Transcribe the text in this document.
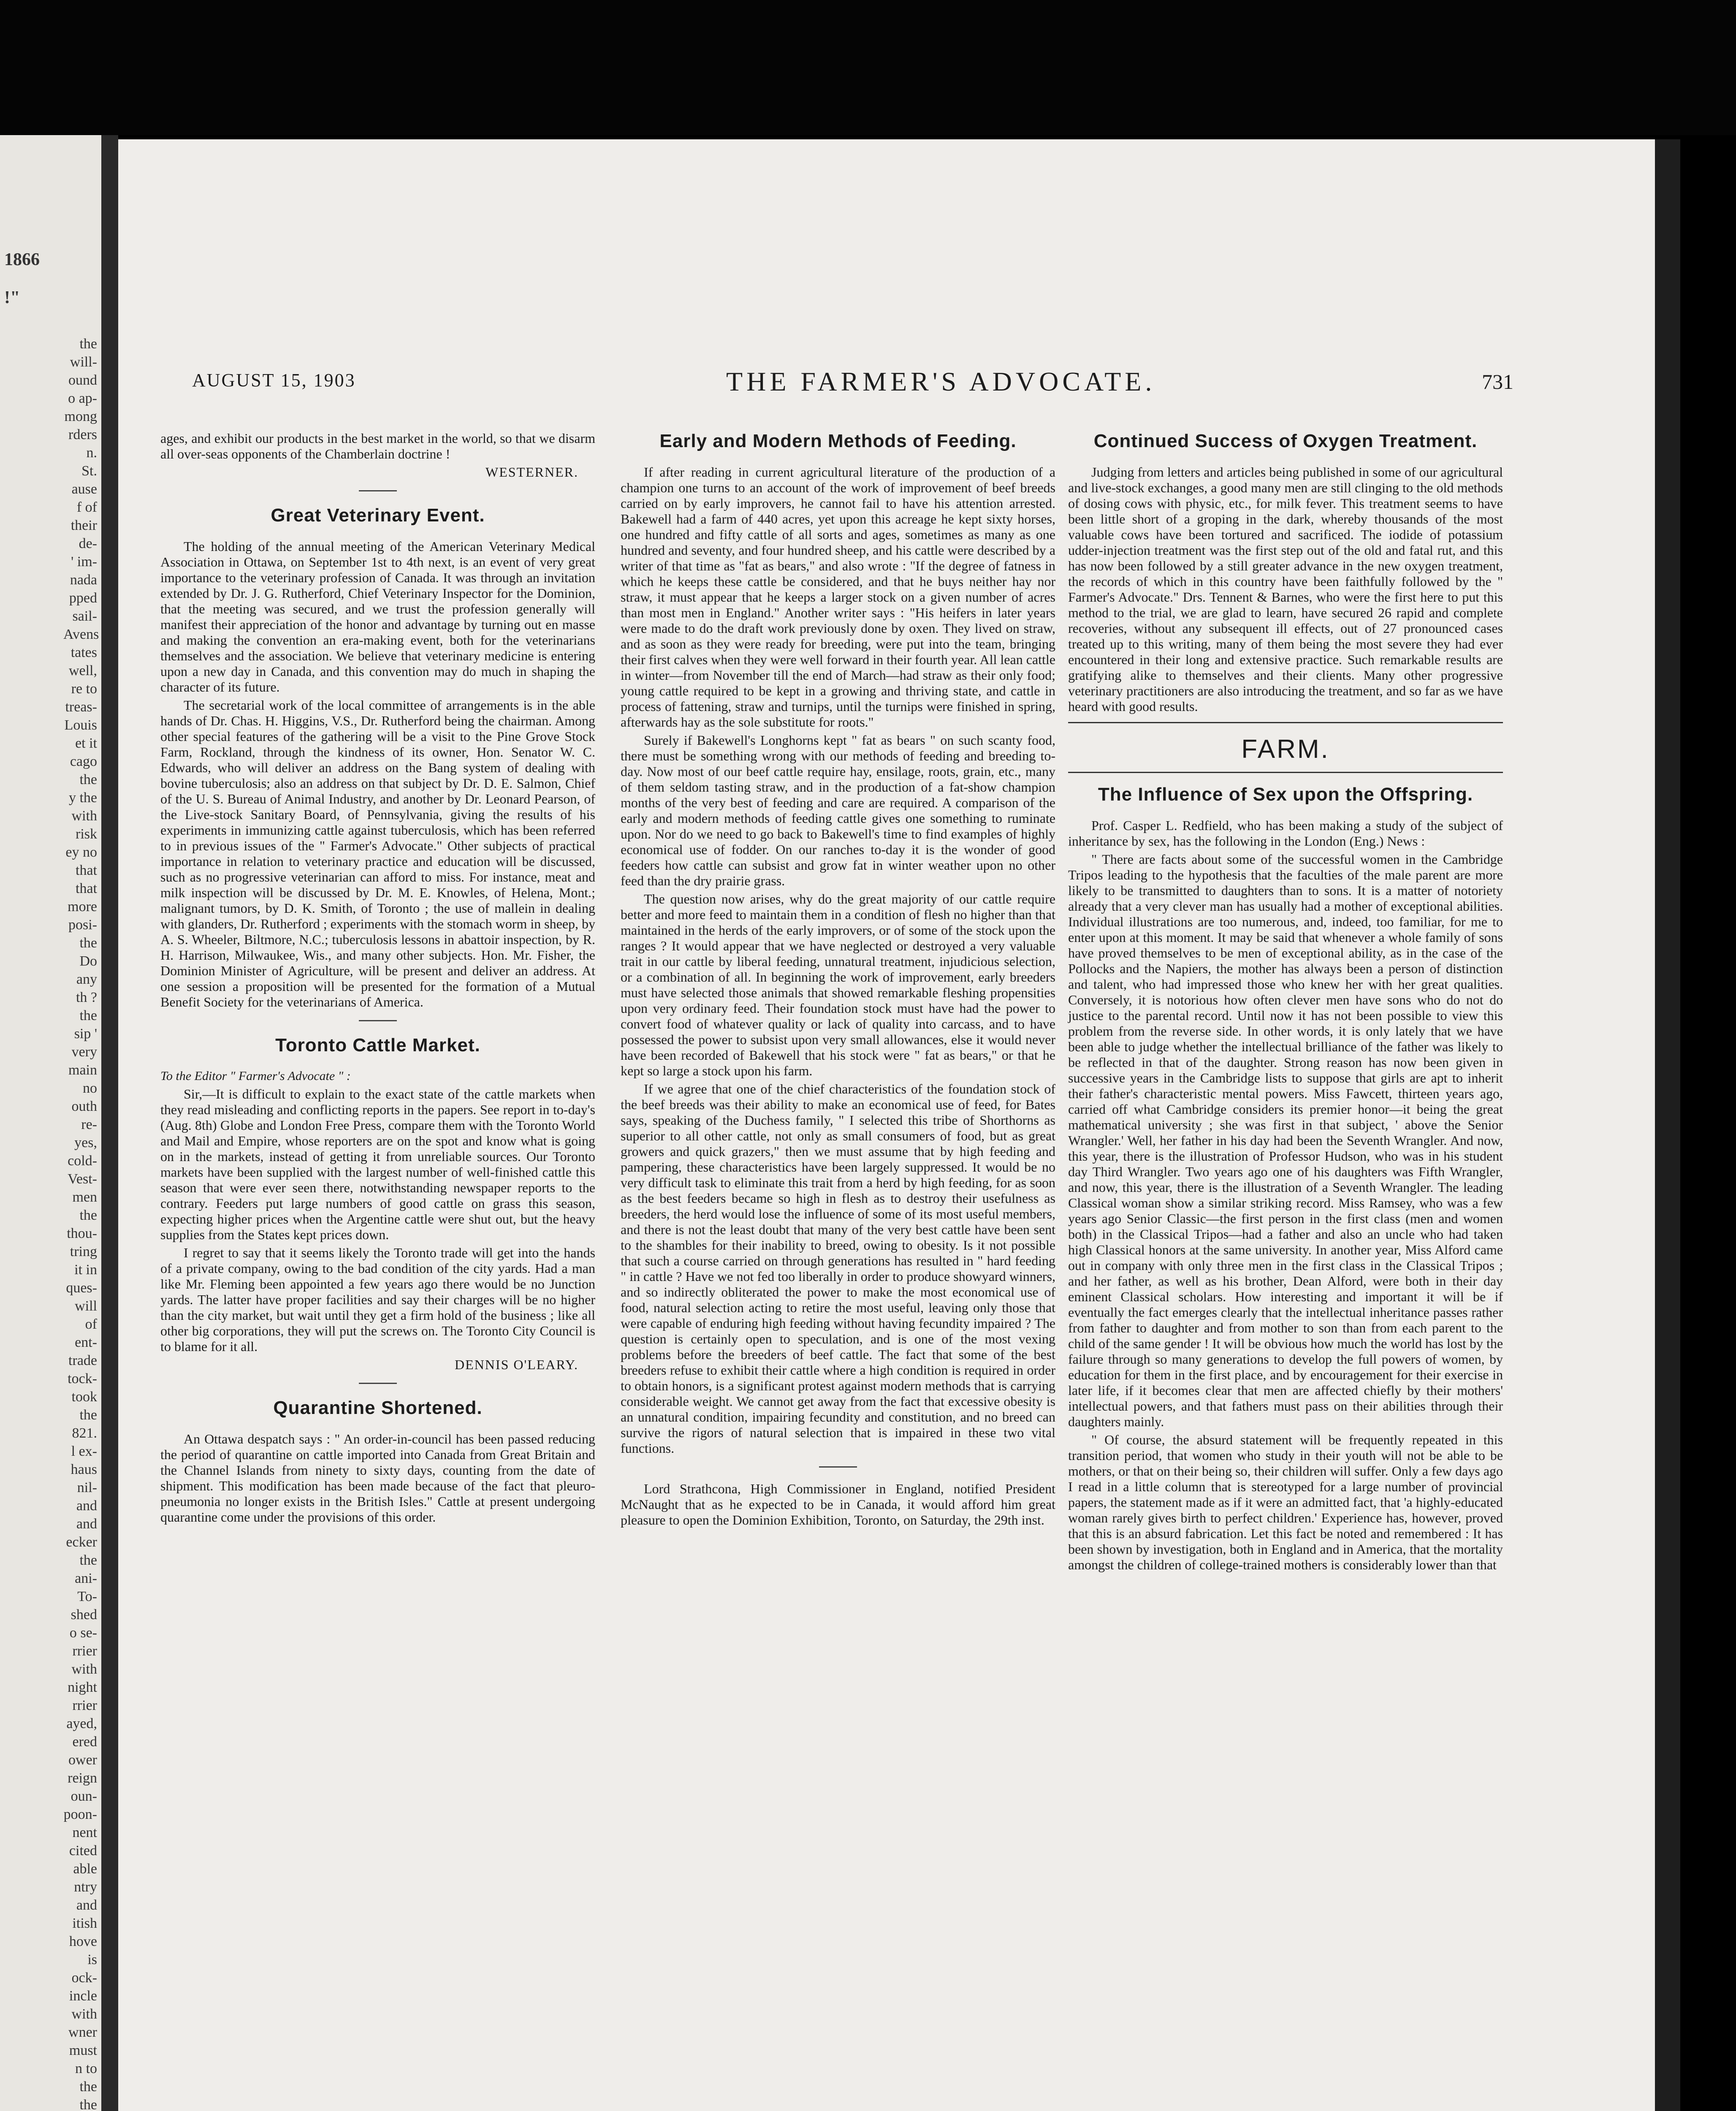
1866
!"
the
will-
ound
o ap-
mong
rders
n.
St.
ause
f of
their
de-
' im-
nada
pped
sail-
Avens
tates
well,
re to
treas-
Louis
et it
cago
the
y the
with
risk
ey no
that
that
more
posi-
the
Do
any
th ?
the
sip '
very
main
no
outh
re-
yes,
cold-
Vest-
men
the
thou-
tring
it in
ques-
will
of
ent-
trade
tock-
took
the
821.
l ex-
haus
nil-
and
and
ecker
the
ani-
To-
shed
o se-
rrier
with
night
rrier
ayed,
ered
ower
reign
oun-
poon-
nent
cited
able
ntry
and
itish
hove
is
ock-
incle
with
wner
must
n to
the
the
AUGUST 15, 1903	THE FARMER'S ADVOCATE.	731

ages, and exhibit our products in the best market in the world, so that we disarm all over-seas opponents of the Chamberlain doctrine !

WESTERNER.

Great Veterinary Event.

The holding of the annual meeting of the American Veterinary Medical Association in Ottawa, on September 1st to 4th next, is an event of very great importance to the veterinary profession of Canada. It was through an invitation extended by Dr. J. G. Rutherford, Chief Veterinary Inspector for the Dominion, that the meeting was secured, and we trust the profession generally will manifest their appreciation of the honor and advantage by turning out en masse and making the convention an era-making event, both for the veterinarians themselves and the association. We believe that veterinary medicine is entering upon a new day in Canada, and this convention may do much in shaping the character of its future.

The secretarial work of the local committee of arrangements is in the able hands of Dr. Chas. H. Higgins, V.S., Dr. Rutherford being the chairman. Among other special features of the gathering will be a visit to the Pine Grove Stock Farm, Rockland, through the kindness of its owner, Hon. Senator W. C. Edwards, who will deliver an address on the Bang system of dealing with bovine tuberculosis; also an address on that subject by Dr. D. E. Salmon, Chief of the U. S. Bureau of Animal Industry, and another by Dr. Leonard Pearson, of the Live-stock Sanitary Board, of Pennsylvania, giving the results of his experiments in immunizing cattle against tuberculosis, which has been referred to in previous issues of the " Farmer's Advocate." Other subjects of practical importance in relation to veterinary practice and education will be discussed, such as no progressive veterinarian can afford to miss. For instance, meat and milk inspection will be discussed by Dr. M. E. Knowles, of Helena, Mont.; malignant tumors, by D. K. Smith, of Toronto ; the use of mallein in dealing with glanders, Dr. Rutherford ; experiments with the stomach worm in sheep, by A. S. Wheeler, Biltmore, N.C.; tuberculosis lessons in abattoir inspection, by R. H. Harrison, Milwaukee, Wis., and many other subjects. Hon. Mr. Fisher, the Dominion Minister of Agriculture, will be present and deliver an address. At one session a proposition will be presented for the formation of a Mutual Benefit Society for the veterinarians of America.

Toronto Cattle Market.

To the Editor " Farmer's Advocate " :

Sir,—It is difficult to explain to the exact state of the cattle markets when they read misleading and conflicting reports in the papers. See report in to-day's (Aug. 8th) Globe and London Free Press, compare them with the Toronto World and Mail and Empire, whose reporters are on the spot and know what is going on in the markets, instead of getting it from unreliable sources. Our Toronto markets have been supplied with the largest number of well-finished cattle this season that were ever seen there, notwithstanding newspaper reports to the contrary. Feeders put large numbers of good cattle on grass this season, expecting higher prices when the Argentine cattle were shut out, but the heavy supplies from the States kept prices down.

I regret to say that it seems likely the Toronto trade will get into the hands of a private company, owing to the bad condition of the city yards. Had a man like Mr. Fleming been appointed a few years ago there would be no Junction yards. The latter have proper facilities and say their charges will be no higher than the city market, but wait until they get a firm hold of the business ; like all other big corporations, they will put the screws on. The Toronto City Council is to blame for it all.

DENNIS O'LEARY.

Quarantine Shortened.

An Ottawa despatch says : " An order-in-council has been passed reducing the period of quarantine on cattle imported into Canada from Great Britain and the Channel Islands from ninety to sixty days, counting from the date of shipment. This modification has been made because of the fact that pleuro-pneumonia no longer exists in the British Isles." Cattle at present undergoing quarantine come under the provisions of this order.

Early and Modern Methods of Feeding.

If after reading in current agricultural literature of the production of a champion one turns to an account of the work of improvement of beef breeds carried on by early improvers, he cannot fail to have his attention arrested. Bakewell had a farm of 440 acres, yet upon this acreage he kept sixty horses, one hundred and fifty cattle of all sorts and ages, sometimes as many as one hundred and seventy, and four hundred sheep, and his cattle were described by a writer of that time as "fat as bears," and also wrote : "If the degree of fatness in which he keeps these cattle be considered, and that he buys neither hay nor straw, it must appear that he keeps a larger stock on a given number of acres than most men in England." Another writer says : "His heifers in later years were made to do the draft work previously done by oxen. They lived on straw, and as soon as they were ready for breeding, were put into the team, bringing their first calves when they were well forward in their fourth year. All lean cattle in winter—from November till the end of March—had straw as their only food; young cattle required to be kept in a growing and thriving state, and cattle in process of fattening, straw and turnips, until the turnips were finished in spring, afterwards hay as the sole substitute for roots."

Surely if Bakewell's Longhorns kept " fat as bears " on such scanty food, there must be something wrong with our methods of feeding and breeding to-day. Now most of our beef cattle require hay, ensilage, roots, grain, etc., many of them seldom tasting straw, and in the production of a fat-show champion months of the very best of feeding and care are required. A comparison of the early and modern methods of feeding cattle gives one something to ruminate upon. Nor do we need to go back to Bakewell's time to find examples of highly economical use of fodder. On our ranches to-day it is the wonder of good feeders how cattle can subsist and grow fat in winter weather upon no other feed than the dry prairie grass.

The question now arises, why do the great majority of our cattle require better and more feed to maintain them in a condition of flesh no higher than that maintained in the herds of the early improvers, or of some of the stock upon the ranges ? It would appear that we have neglected or destroyed a very valuable trait in our cattle by liberal feeding, unnatural treatment, injudicious selection, or a combination of all. In beginning the work of improvement, early breeders must have selected those animals that showed remarkable fleshing propensities upon very ordinary feed. Their foundation stock must have had the power to convert food of whatever quality or lack of quality into carcass, and to have possessed the power to subsist upon very small allowances, else it would never have been recorded of Bakewell that his stock were " fat as bears," or that he kept so large a stock upon his farm.

If we agree that one of the chief characteristics of the foundation stock of the beef breeds was their ability to make an economical use of feed, for Bates says, speaking of the Duchess family, " I selected this tribe of Shorthorns as superior to all other cattle, not only as small consumers of food, but as great growers and quick grazers," then we must assume that by high feeding and pampering, these characteristics have been largely suppressed. It would be no very difficult task to eliminate this trait from a herd by high feeding, for as soon as the best feeders became so high in flesh as to destroy their usefulness as breeders, the herd would lose the influence of some of its most useful members, and there is not the least doubt that many of the very best cattle have been sent to the shambles for their inability to breed, owing to obesity. Is it not possible that such a course carried on through generations has resulted in " hard feeding " in cattle ? Have we not fed too liberally in order to produce showyard winners, and so indirectly obliterated the power to make the most economical use of food, natural selection acting to retire the most useful, leaving only those that were capable of enduring high feeding without having fecundity impaired ? The question is certainly open to speculation, and is one of the most vexing problems before the breeders of beef cattle. The fact that some of the best breeders refuse to exhibit their cattle where a high condition is required in order to obtain honors, is a significant protest against modern methods that is carrying considerable weight. We cannot get away from the fact that excessive obesity is an unnatural condition, impairing fecundity and constitution, and no breed can survive the rigors of natural selection that is impaired in these two vital functions.

Lord Strathcona, High Commissioner in England, notified President McNaught that as he expected to be in Canada, it would afford him great pleasure to open the Dominion Exhibition, Toronto, on Saturday, the 29th inst.

Continued Success of Oxygen Treatment.

Judging from letters and articles being published in some of our agricultural and live-stock exchanges, a good many men are still clinging to the old methods of dosing cows with physic, etc., for milk fever. This treatment seems to have been little short of a groping in the dark, whereby thousands of the most valuable cows have been tortured and sacrificed. The iodide of potassium udder-injection treatment was the first step out of the old and fatal rut, and this has now been followed by a still greater advance in the new oxygen treatment, the records of which in this country have been faithfully followed by the " Farmer's Advocate." Drs. Tennent & Barnes, who were the first here to put this method to the trial, we are glad to learn, have secured 26 rapid and complete recoveries, without any subsequent ill effects, out of 27 pronounced cases treated up to this writing, many of them being the most severe they had ever encountered in their long and extensive practice. Such remarkable results are gratifying alike to themselves and their clients. Many other progressive veterinary practitioners are also introducing the treatment, and so far as we have heard with good results.

FARM.
The Influence of Sex upon the Offspring.

Prof. Casper L. Redfield, who has been making a study of the subject of inheritance by sex, has the following in the London (Eng.) News :

" There are facts about some of the successful women in the Cambridge Tripos leading to the hypothesis that the faculties of the male parent are more likely to be transmitted to daughters than to sons. It is a matter of notoriety already that a very clever man has usually had a mother of exceptional abilities. Individual illustrations are too numerous, and, indeed, too familiar, for me to enter upon at this moment. It may be said that whenever a whole family of sons have proved themselves to be men of exceptional ability, as in the case of the Pollocks and the Napiers, the mother has always been a person of distinction and talent, who had impressed those who knew her with her great qualities. Conversely, it is notorious how often clever men have sons who do not do justice to the parental record. Until now it has not been possible to view this problem from the reverse side. In other words, it is only lately that we have been able to judge whether the intellectual brilliance of the father was likely to be reflected in that of the daughter. Strong reason has now been given in successive years in the Cambridge lists to suppose that girls are apt to inherit their father's characteristic mental powers. Miss Fawcett, thirteen years ago, carried off what Cambridge considers its premier honor—it being the great mathematical university ; she was first in that subject, ' above the Senior Wrangler.' Well, her father in his day had been the Seventh Wrangler. And now, this year, there is the illustration of Professor Hudson, who was in his student day Third Wrangler. Two years ago one of his daughters was Fifth Wrangler, and now, this year, there is the illustration of a Seventh Wrangler. The leading Classical woman show a similar striking record. Miss Ramsey, who was a few years ago Senior Classic—the first person in the first class (men and women both) in the Classical Tripos—had a father and also an uncle who had taken high Classical honors at the same university. In another year, Miss Alford came out in company with only three men in the first class in the Classical Tripos ; and her father, as well as his brother, Dean Alford, were both in their day eminent Classical scholars. How interesting and important it will be if eventually the fact emerges clearly that the intellectual inheritance passes rather from father to daughter and from mother to son than from each parent to the child of the same gender ! It will be obvious how much the world has lost by the failure through so many generations to develop the full powers of women, by education for them in the first place, and by encouragement for their exercise in later life, if it becomes clear that men are affected chiefly by their mothers' intellectual powers, and that fathers must pass on their abilities through their daughters mainly.

" Of course, the absurd statement will be frequently repeated in this transition period, that women who study in their youth will not be able to be mothers, or that on their being so, their children will suffer. Only a few days ago I read in a little column that is stereotyped for a large number of provincial papers, the statement made as if it were an admitted fact, that 'a highly-educated woman rarely gives birth to perfect children.' Experience has, however, proved that this is an absurd fabrication. Let this fact be noted and remembered : It has been shown by investigation, both in England and in America, that the mortality amongst the children of college-trained mothers is considerably lower than that
